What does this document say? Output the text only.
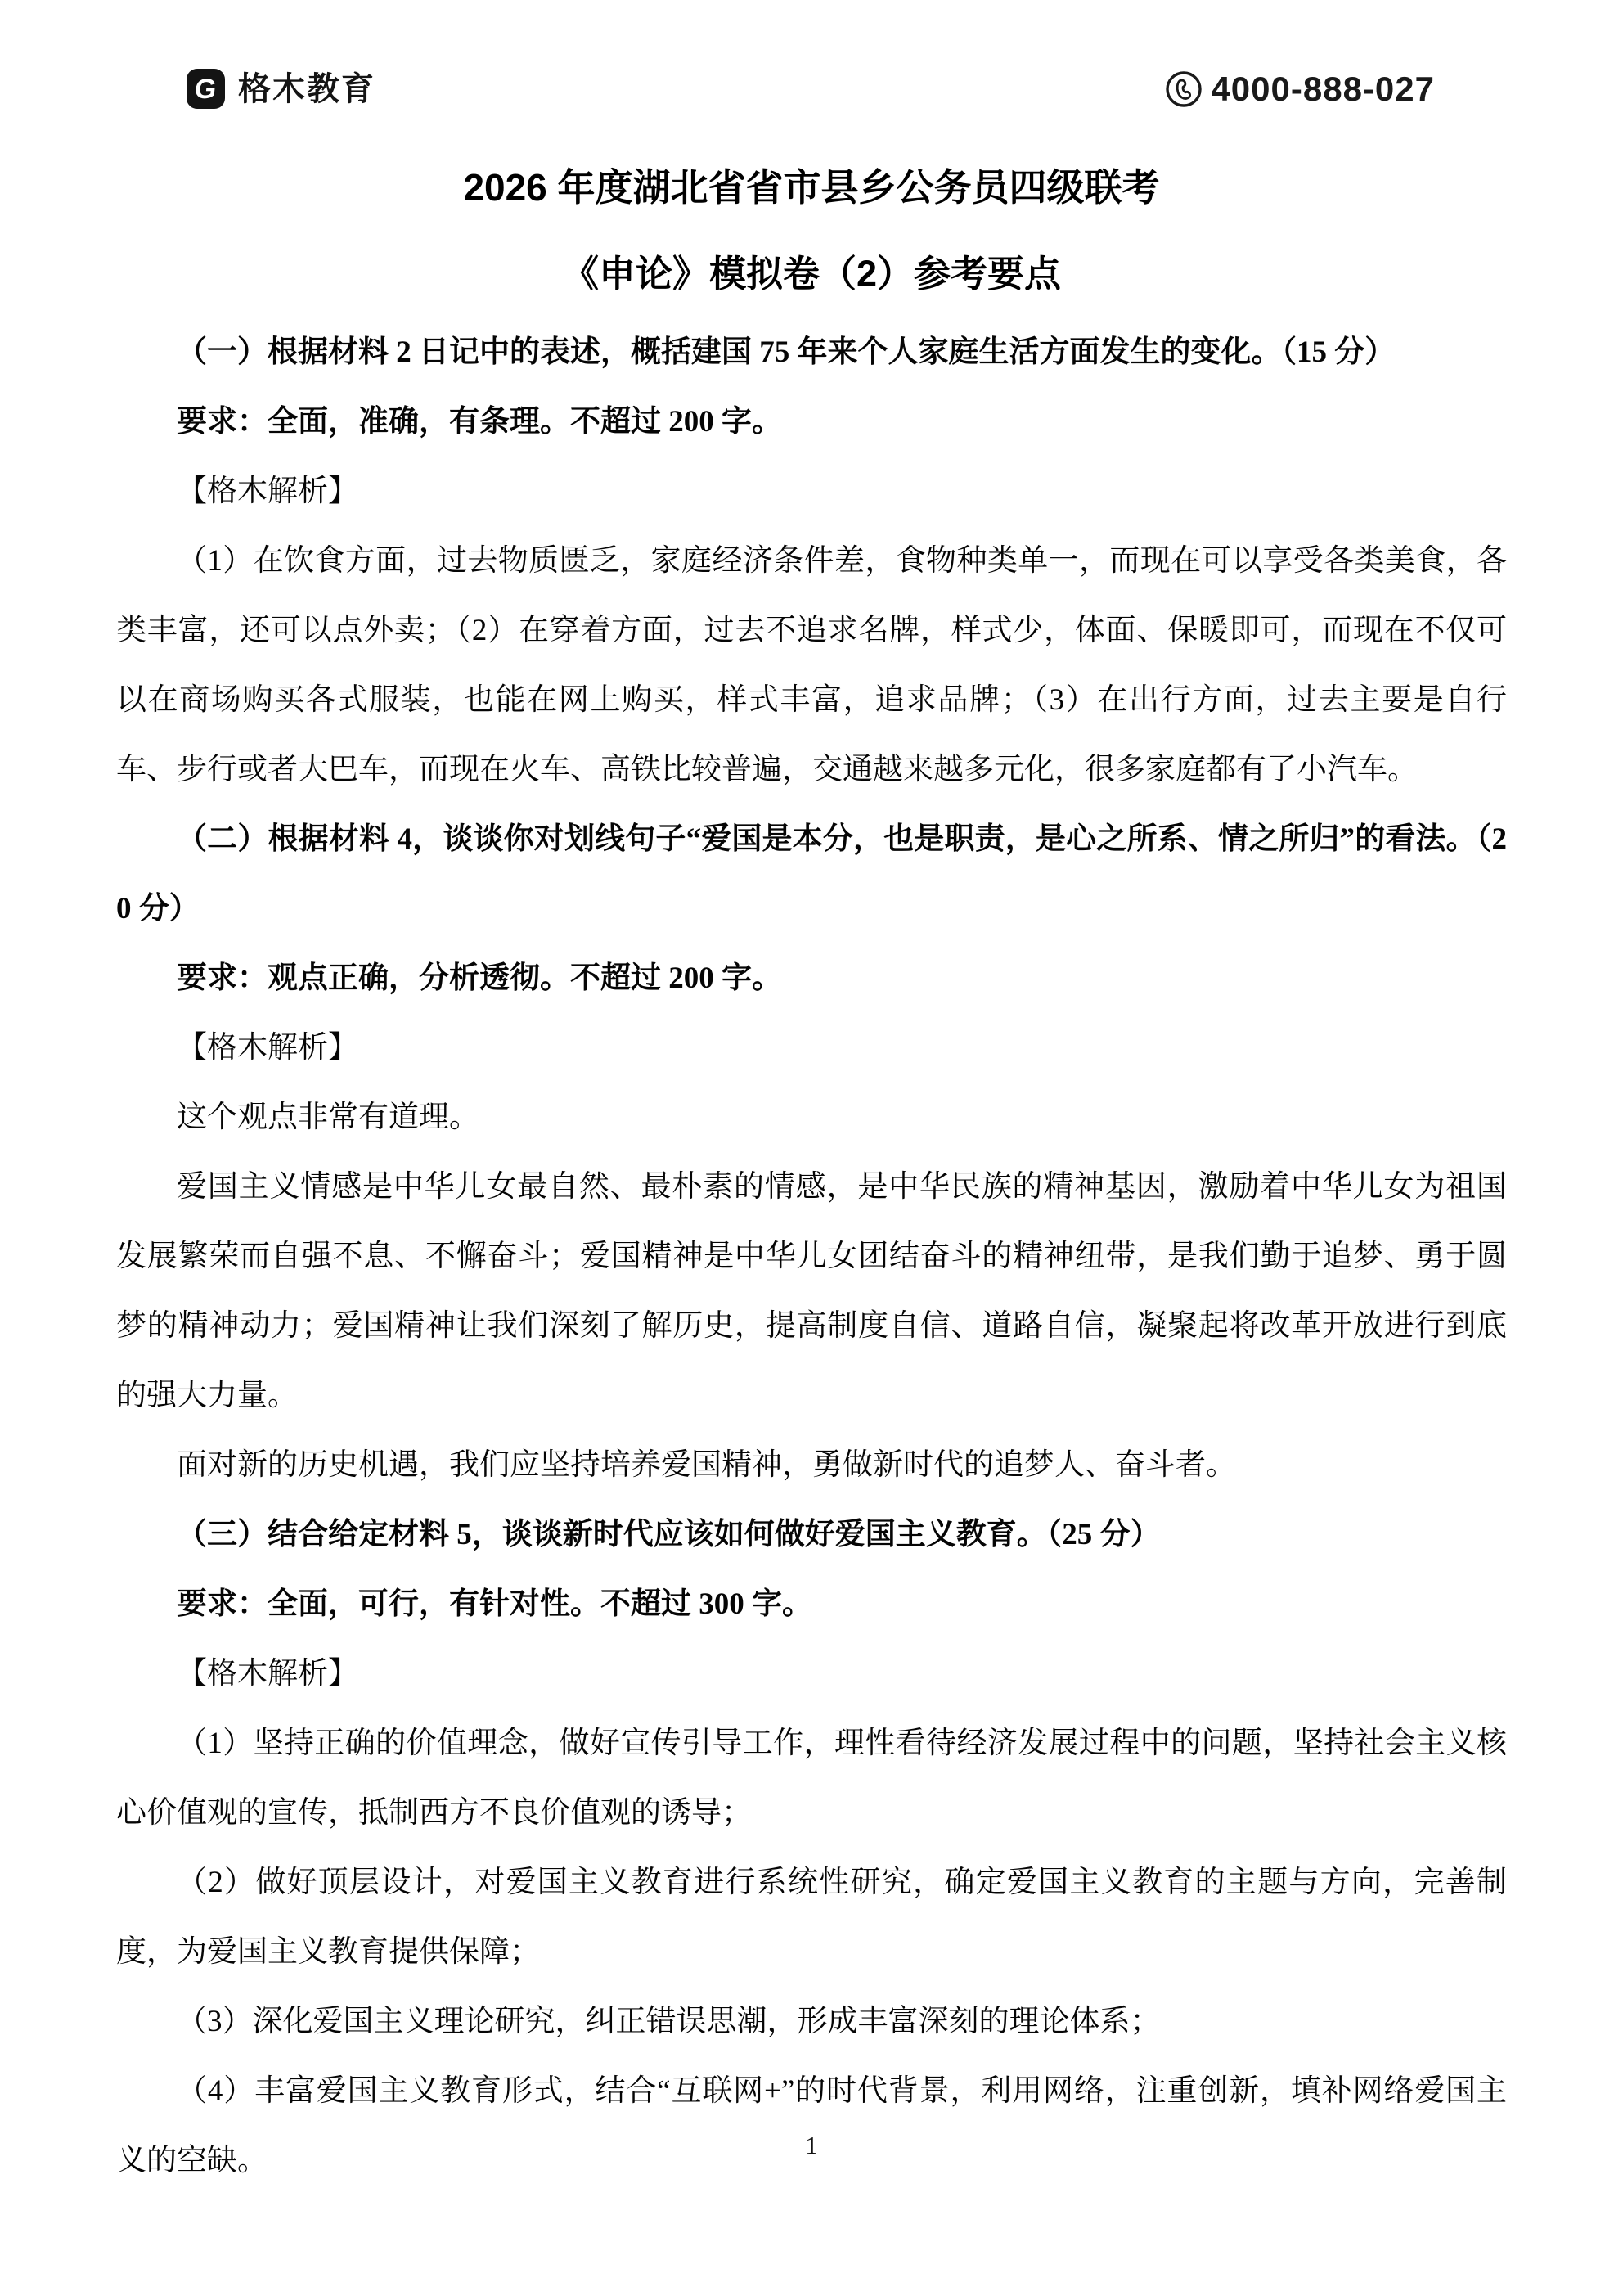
G 格木教育	4000-888-027
2026 年度湖北省省市县乡公务员四级联考
《申论》模拟卷（2）参考要点

（一）根据材料 2 日记中的表述，概括建国 75 年来个人家庭生活方面发生的变化。（15 分）

要求：全面，准确，有条理。不超过 200 字。

【格木解析】

（1）在饮食方面，过去物质匮乏，家庭经济条件差，食物种类单一，而现在可以享受各类美食，各类丰富，还可以点外卖；（2）在穿着方面，过去不追求名牌，样式少，体面、保暖即可，而现在不仅可以在商场购买各式服装，也能在网上购买，样式丰富，追求品牌；（3）在出行方面，过去主要是自行车、步行或者大巴车，而现在火车、高铁比较普遍，交通越来越多元化，很多家庭都有了小汽车。

（二）根据材料 4，谈谈你对划线句子“爱国是本分，也是职责，是心之所系、情之所归”的看法。（20 分）

要求：观点正确，分析透彻。不超过 200 字。

【格木解析】

这个观点非常有道理。

爱国主义情感是中华儿女最自然、最朴素的情感，是中华民族的精神基因，激励着中华儿女为祖国发展繁荣而自强不息、不懈奋斗；爱国精神是中华儿女团结奋斗的精神纽带，是我们勤于追梦、勇于圆梦的精神动力；爱国精神让我们深刻了解历史，提高制度自信、道路自信，凝聚起将改革开放进行到底的强大力量。

面对新的历史机遇，我们应坚持培养爱国精神，勇做新时代的追梦人、奋斗者。

（三）结合给定材料 5，谈谈新时代应该如何做好爱国主义教育。（25 分）

要求：全面，可行，有针对性。不超过 300 字。

【格木解析】

（1）坚持正确的价值理念，做好宣传引导工作，理性看待经济发展过程中的问题，坚持社会主义核心价值观的宣传，抵制西方不良价值观的诱导；

（2）做好顶层设计，对爱国主义教育进行系统性研究，确定爱国主义教育的主题与方向，完善制度，为爱国主义教育提供保障；

（3）深化爱国主义理论研究，纠正错误思潮，形成丰富深刻的理论体系；

（4）丰富爱国主义教育形式，结合“互联网+”的时代背景，利用网络，注重创新，填补网络爱国主义的空缺。	1
